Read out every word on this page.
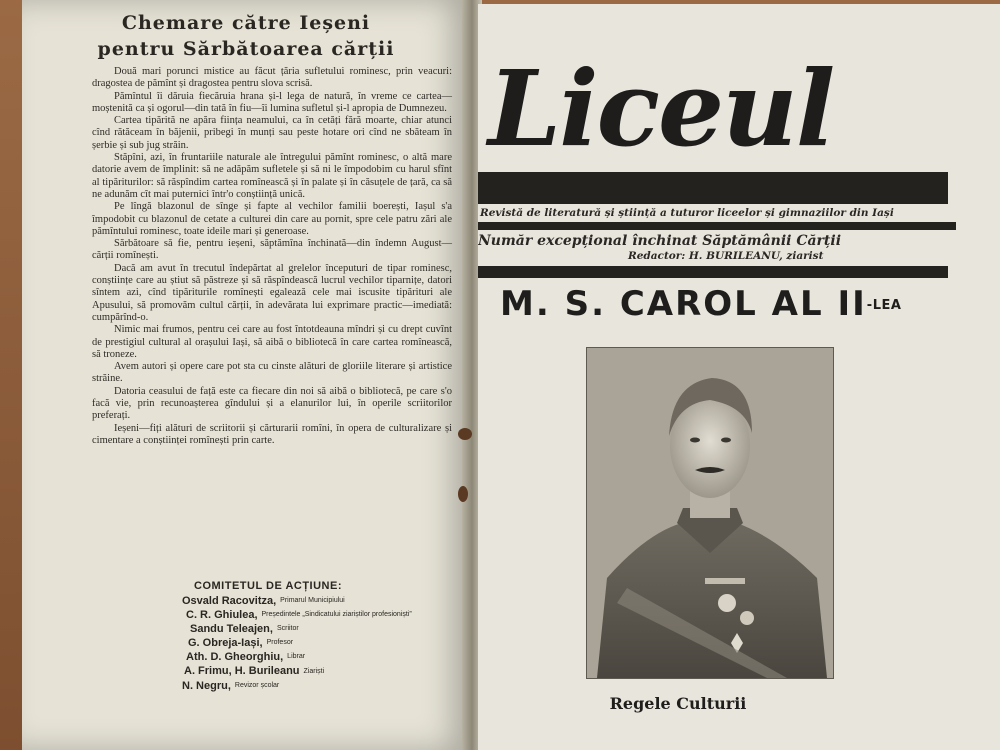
Chemare către Ieșeni
pentru Sărbătoarea cărții

Două mari porunci mistice au făcut țăria sufletului rominesc, prin veacuri: dragostea de pămînt și dragostea pentru slova scrisă.

Pămîntul îi dăruia fiecăruia hrana și-l lega de natură, în vreme ce cartea—moștenită ca și ogorul—din tată în fiu—îi lumina sufletul și-l apropia de Dumnezeu.

Cartea tipărită ne apăra ființa neamului, ca în cetăți fără moarte, chiar atunci cînd rătăceam în băjenii, pribegi în munți sau peste hotare ori cînd ne sbăteam în șerbie și sub jug străin.

Stăpîni, azi, în fruntariile naturale ale întregului pămînt rominesc, o altă mare datorie avem de împlinit: să ne adăpăm sufletele și să ni le împodobim cu harul sfînt al tipăriturilor: să răspîndim cartea romînească și în palate și în căsuțele de țară, ca să ne adunăm cît mai puternici într'o conștiință unică.

Pe lîngă blazonul de sînge și fapte al vechilor familii boerești, Iașul s'a împodobit cu blazonul de cetate a culturei din care au pornit, spre cele patru zări ale pămîntului rominesc, toate ideile mari și generoase.

Sărbătoare să fie, pentru ieșeni, săptămîna închinată—din îndemn August—cărții romînești.

Dacă am avut în trecutul îndepărtat al grelelor începuturi de tipar rominesc, conștiințe care au știut să păstreze și să răspîndească lucrul vechilor tiparnițe, datori sîntem azi, cînd tipăriturile romînești egalează cele mai iscusite tipărituri ale Apusului, să promovăm cultul cărții, în adevărata lui exprimare practic—imediată: cumpărînd-o.

Nimic mai frumos, pentru cei care au fost întotdeauna mîndri și cu drept cuvînt de prestigiul cultural al orașului Iași, să aibă o bibliotecă în care cartea romînească, să troneze.

Avem autori și opere care pot sta cu cinste alături de gloriile literare și artistice străine.

Datoria ceasului de față este ca fiecare din noi să aibă o bibliotecă, pe care s'o facă vie, prin recunoașterea gîndului și a elanurilor lui, în operile scriitorilor preferați.

Ieșeni—fiți alături de scriitorii și cărturarii romîni, în opera de culturalizare și cimentare a conștiinței romînești prin carte.

COMITETUL DE ACȚIUNE:
Osvald Racovitza, Primarul Municipiului
C. R. Ghiulea, Președintele „Sindicatului ziariștilor profesioniști”
Sandu Teleajen, Scriitor
G. Obreja-Iași, Profesor
Ath. D. Gheorghiu, Librar
A. Frimu, H. Burileanu Ziariști
N. Negru, Revizor școlar
Liceul
Revistă de literatură și știință a tuturor liceelor și gimnaziilor din Iași
Număr excepțional închinat Săptămânii Cărții
Redactor: H. BURILEANU, ziarist
M. S. CAROL AL II-LEA
Regele Culturii
